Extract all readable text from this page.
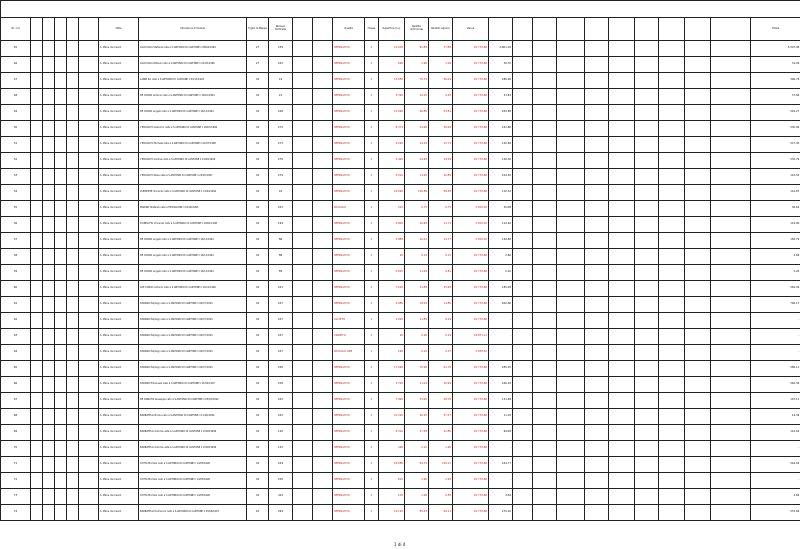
Nr. ord						Ditta	Ubicazione immobile	Foglio di Mappa	Numero Particella			Qualità	Classe	Superficie m.q.	Reddito dominicale	Reddito Agrario	Valore											Totale
45						S. Maria dei Cavoli	CIACCIOCA Stefania nata a S.ANTONIO DI CANTONE il 08/04/1999	27	239			SEMINATIVO	2	21.630	95,88	77,88	10.778,86	4.801,18										5.007,08
46						S. Maria dei Cavoli	CIACCIOCA Ottavio nato a S.ANTONIO DI CANTONE il 01/03/1998	27	242			SEMINATIVO	2	860	3,60	3,09	10.778,86	30,70										31,09
47						S. Maria dei Cavoli	LANNI Pio nato a S.ANTONIO DI CANTONE il 03/11/1993	34	19			SEMINATIVO	2	15.650	76,79	56,09	10.778,86	286,90										396,76
48						S. Maria dei Cavoli	DE CORSO Antonio nato a S.ANTONIO DI CANTONE il 10/10/1994	34	21			SEMINATIVO	2	2.390	10,30	9,63	10.778,86	31,84										37,66
49						S. Maria dei Cavoli	DE CORSO Angelo nato a S.ANTONIO DI CANTONE il 16/12/1994	34	248			SEMINATIVO	2	14.890	66,80	53,84	10.778,86	205,88										244,27
50						S. Maria dei Cavoli	L'ERCOLITO Giacomo nato a S.ANTONIO DI CANTONE il 09/03/1996	34	272			SEMINATIVO	2	8.374	34,66	30,28	10.778,86	161,80										230,06
51						S. Maria dei Cavoli	L'ERCOLITO Michela nata a S.ANTONIO DI CANTONE il 02/07/1998	34	273			SEMINATIVO	2	4.290	19,28	15,74	10.778,86	120,89										217,45
52						S. Maria dei Cavoli	L'ERCOLITO Andrea nato a S.ANTONIO DI CANTONE il 14/09/1999	34	276			SEMINATIVO	2	5.460	24,68	19,59	10.778,86	128,30										232,79
53						S. Maria dei Cavoli	L'ERCOLITO Rosa nata a S.ANTONIO DI CANTONE il 22/05/1997	34	279			SEMINATIVO	2	3.010	13,60	10,89	10.778,86	104,30										122,55
54						S. Maria dei Cavoli	CLEMENTE Vincenzo nato a S.ANTONIO DI CANTONE il 14/04/1991	34	91			SEMINATIVO	2	24.890	106,89	89,38	10.778,86	110,54										141,87
55						S. Maria dei Cavoli	MARINO Stefania nata a FROSOLONE il 01/06/1995	34	223			PASCOLO	1	910	0,75	0,75	5.450,26	30,08										36,62
56						S. Maria dei Cavoli	D'ABELITTA Vincenzo nato a S.ANTONIO DI CANTONE il 18/01/1998	34	199			SEMINATIVO	2	3.800	16,68	13,74	5.450,26	110,46										119,00
57						S. Maria dei Cavoli	DE CORSO Angelo nato a S.ANTONIO DI CANTONE il 16/12/1994	34	86			SEMINATIVO	2	3.988	16,42	13,77	5.450,26	128,80										182,79
58						S. Maria dei Cavoli	DE CORSO Angelo nato a S.ANTONIO DI CANTONE il 16/12/1994	34	88			SEMINATIVO	2	40	0,19	0,15	10.778,86	2,66										2,66
59						S. Maria dei Cavoli	DE CORSO Angelo nato a S.ANTONIO DI CANTONE il 16/12/1994	34	89			SEMINATIVO	2	2.830	11,69	9,81	10.778,86	2,20										3,20
60						S. Maria dei Cavoli	LOE CORSO Antonio nato a S.ANTONIO DI CANTONE il 10/11/1990	34	241			SEMINATIVO	2	7.100	31,88	25,68	10.778,86	185,49										282,09
61						S. Maria dei Cavoli	SORANO Pierluigi nato a S.ANTONIO DI CANTONE il 04/07/1993	34	247			SEMINATIVO	2	4.080	18,28	14,80	10.778,86	400,80										700,17
62						S. Maria dei Cavoli	SORANO Pierluigi nato a S.ANTONIO DI CANTONE il 04/07/1993	34	247			ULIVETO	1	2.200	11,89	8,29	10.778,86	-										-
63						S. Maria dei Cavoli	SORANO Pierluigi nato a S.ANTONIO DI CANTONE il 04/07/1993	34	247			VIGNETO	2	40	0,46	0,29	18.871,11	-										-
64						S. Maria dei Cavoli	SORANO Pierluigi nato a S.ANTONIO DI CANTONE il 04/07/1993	34	247			PASCOLO ARB	1	290	0,22	0,07	5.938,30	-										-
65						S. Maria dei Cavoli	SORANO Pierluigi nato a S.ANTONIO DI CANTONE il 04/07/1993	34	256			SEMINATIVO	2	17.090	76,98	61,76	10.778,86	285,25										286,11
66						S. Maria dei Cavoli	SORANO Emanuela nata a S.ANTONIO DI CANTONE il 21/02/1997	34	258			SEMINATIVO	2	4.700	21,04	16,99	10.778,86	246,18										246,36
67						S. Maria dei Cavoli	DE DONATIS Giuseppe nato a S.ANTONIO DI CANTONE il 03/03/1992	34	242			SEMINATIVO	2	7.960	33,60	28,76	10.778,86	131,69										197,11
68						S. Maria dei Cavoli	BARBATELLI Nicola nato a S.ANTONIO DI CANTONE il 11/06/1994	34	242			SEMINATIVO	2	10.340	46,36	37,37	10.778,86	11,18										14,39
69						S. Maria dei Cavoli	BARBATELLI Antonia nata a S.ANTONIO DI CANTONE il 23/08/1996	34	140			SEMINATIVO	2	6.310	27,38	22,80	10.778,86	99,98										122,64
70						S. Maria dei Cavoli	BARBATELLI Antonia nata a S.ANTONIO DI CANTONE il 23/08/1996	34	142			SEMINATIVO	2	460	2,10	1,66	10.778,86	-										-
71						S. Maria dei Cavoli	COTTA Michele nato a S.ANTONIO DI CANTONE il 14/05/1990	34	249			SEMINATIVO	2	18.980	84,79	218,11	10.778,86	244,77										244,92
72						S. Maria dei Cavoli	COTTA Michele nato a S.ANTONIO DI CANTONE il 14/05/1990	34	250			SEMINATIVO	2	810	3,66	2,93	10.778,86	-										-
73						S. Maria dei Cavoli	COTTA Michele nato a S.ANTONIO DI CANTONE il 14/05/1990	34	444			SEMINATIVO	2	230	1,06	0,83	10.778,86	4,84										4,84
74						S. Maria dei Cavoli	BARBATELLI Domenico nato a S.ANTONIO DI CANTONE il 03/06/1997	43	299			SEMINATIVO	2	19.120	85,33	69,13	10.778,86	270,16										270,66
1 di 4
